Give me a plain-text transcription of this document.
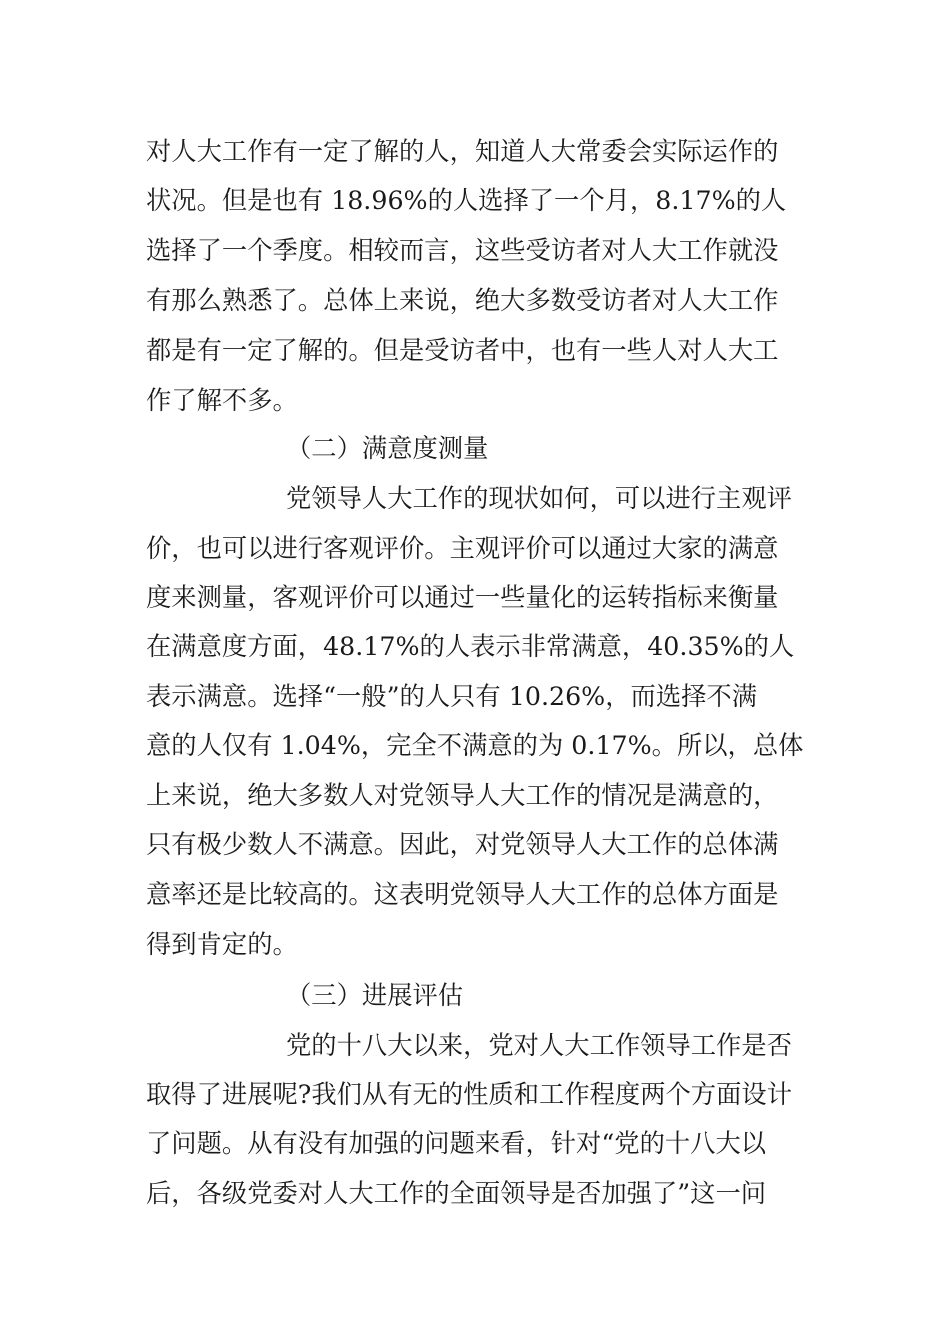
对人大工作有一定了解的人，知道人大常委会实际运作的
状况。但是也有 18.96%的人选择了一个月，8.17%的人
选择了一个季度。相较而言，这些受访者对人大工作就没
有那么熟悉了。总体上来说，绝大多数受访者对人大工作
都是有一定了解的。但是受访者中，也有一些人对人大工
作了解不多。
（二）满意度测量
党领导人大工作的现状如何，可以进行主观评
价，也可以进行客观评价。主观评价可以通过大家的满意
度来测量，客观评价可以通过一些量化的运转指标来衡量
在满意度方面，48.17%的人表示非常满意，40.35%的人
表示满意。选择“一般”的人只有 10.26%，而选择不满
意的人仅有 1.04%，完全不满意的为 0.17%。所以，总体
上来说，绝大多数人对党领导人大工作的情况是满意的，
只有极少数人不满意。因此，对党领导人大工作的总体满
意率还是比较高的。这表明党领导人大工作的总体方面是
得到肯定的。
（三）进展评估
党的十八大以来，党对人大工作领导工作是否
取得了进展呢?我们从有无的性质和工作程度两个方面设计
了问题。从有没有加强的问题来看，针对“党的十八大以
后，各级党委对人大工作的全面领导是否加强了”这一问
